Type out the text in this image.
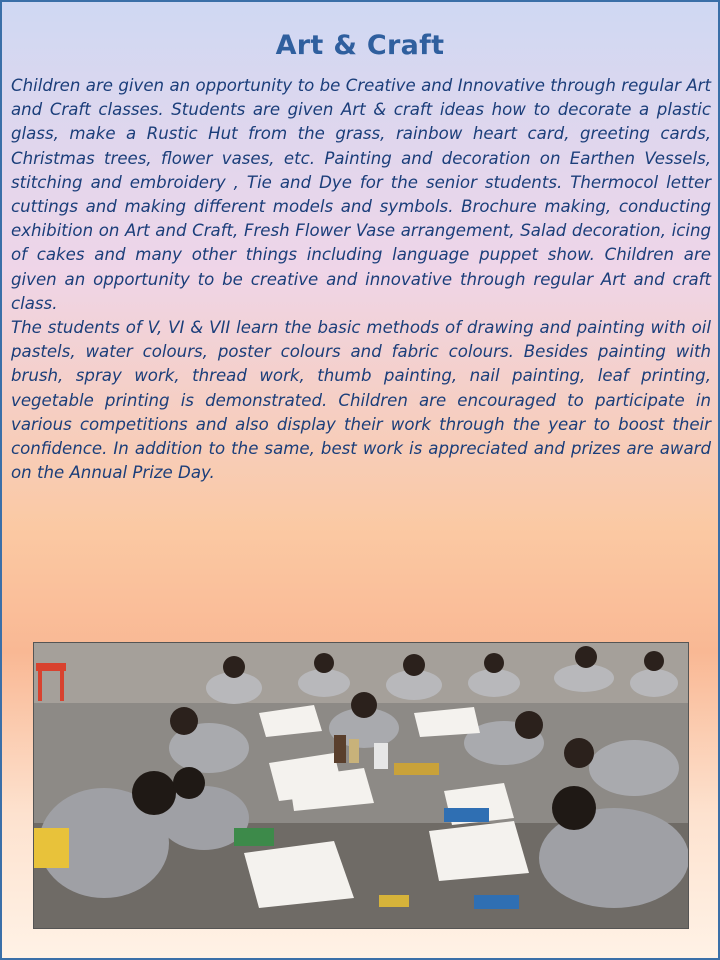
Art & Craft

Children are given an opportunity to be Creative and Innovative through regular Art and Craft classes. Students are given Art & craft ideas how to decorate a plastic glass, make a Rustic Hut from the grass, rainbow heart card, greeting cards, Christmas trees, flower vases, etc. Painting and decoration on Earthen Vessels, stitching and embroidery , Tie and Dye for the senior students. Thermocol letter cuttings and making different models and symbols. Brochure making, conducting exhibition on Art and Craft, Fresh Flower Vase arrangement, Salad decoration, icing of cakes and many other things including language puppet show. Children are given an opportunity to be creative and innovative through regular Art and craft class.

The students of V, VI & VII learn the basic methods of drawing and painting with oil pastels, water colours, poster colours and fabric colours. Besides painting with brush, spray work, thread work, thumb painting, nail painting, leaf printing, vegetable printing is demonstrated. Children are encouraged to participate in various competitions and also display their work through the year to boost their confidence. In addition to the same, best work is appreciated and prizes are award on the Annual Prize Day.
